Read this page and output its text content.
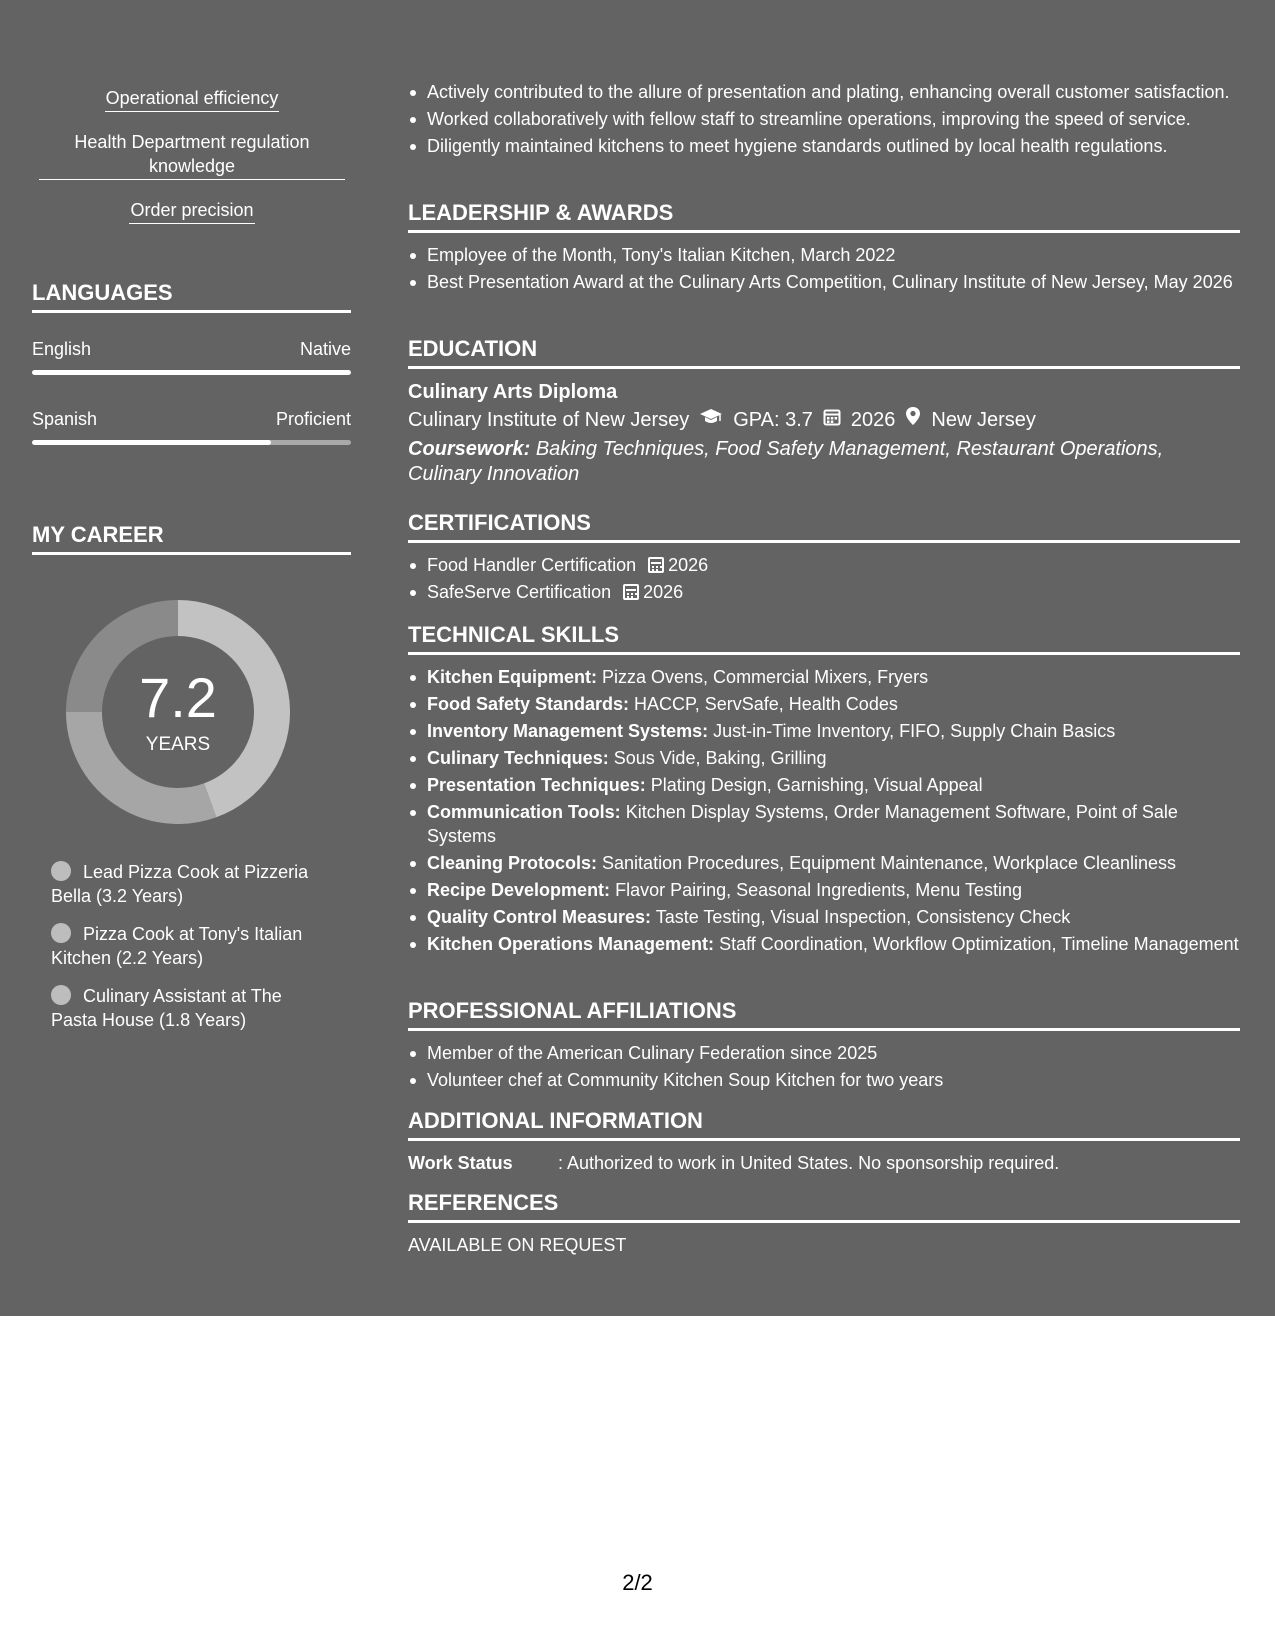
Operational efficiency
Health Department regulation knowledge
Order precision
LANGUAGES
English	Native
Spanish	Proficient
MY CAREER
7.2
YEARS
Lead Pizza Cook at Pizzeria Bella (3.2 Years)
Pizza Cook at Tony's Italian Kitchen (2.2 Years)
Culinary Assistant at The Pasta House (1.8 Years)
Actively contributed to the allure of presentation and plating, enhancing overall customer satisfaction.
Worked collaboratively with fellow staff to streamline operations, improving the speed of service.
Diligently maintained kitchens to meet hygiene standards outlined by local health regulations.
LEADERSHIP & AWARDS
Employee of the Month, Tony's Italian Kitchen, March 2022
Best Presentation Award at the Culinary Arts Competition, Culinary Institute of New Jersey, May 2026
EDUCATION
Culinary Arts Diploma
Culinary Institute of New Jersey GPA: 3.7 2026 New Jersey
Coursework: Baking Techniques, Food Safety Management, Restaurant Operations, Culinary Innovation
CERTIFICATIONS
Food Handler Certification 2026
SafeServe Certification 2026
TECHNICAL SKILLS
Kitchen Equipment: Pizza Ovens, Commercial Mixers, Fryers
Food Safety Standards: HACCP, ServSafe, Health Codes
Inventory Management Systems: Just-in-Time Inventory, FIFO, Supply Chain Basics
Culinary Techniques: Sous Vide, Baking, Grilling
Presentation Techniques: Plating Design, Garnishing, Visual Appeal
Communication Tools: Kitchen Display Systems, Order Management Software, Point of Sale Systems
Cleaning Protocols: Sanitation Procedures, Equipment Maintenance, Workplace Cleanliness
Recipe Development: Flavor Pairing, Seasonal Ingredients, Menu Testing
Quality Control Measures: Taste Testing, Visual Inspection, Consistency Check
Kitchen Operations Management: Staff Coordination, Workflow Optimization, Timeline Management
PROFESSIONAL AFFILIATIONS
Member of the American Culinary Federation since 2025
Volunteer chef at Community Kitchen Soup Kitchen for two years
ADDITIONAL INFORMATION
Work Status	: Authorized to work in United States. No sponsorship required.
REFERENCES
AVAILABLE ON REQUEST
2/2
